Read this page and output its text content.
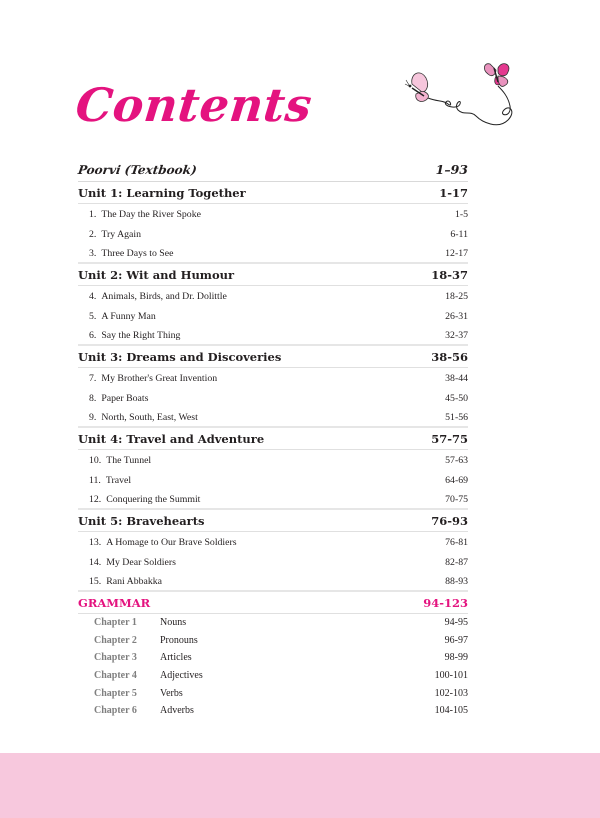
Contents
Poorvi (Textbook)	1–93
Unit 1: Learning Together	1-17
1. The Day the River Spoke	1-5
2. Try Again	6-11
3. Three Days to See	12-17
Unit 2: Wit and Humour	18-37
4. Animals, Birds, and Dr. Dolittle	18-25
5. A Funny Man	26-31
6. Say the Right Thing	32-37
Unit 3: Dreams and Discoveries	38-56
7. My Brother's Great Invention	38-44
8. Paper Boats	45-50
9. North, South, East, West	51-56
Unit 4: Travel and Adventure	57-75
10. The Tunnel	57-63
11. Travel	64-69
12. Conquering the Summit	70-75
Unit 5: Bravehearts	76-93
13. A Homage to Our Brave Soldiers	76-81
14. My Dear Soldiers	82-87
15. Rani Abbakka	88-93
GRAMMAR	94-123
Chapter 1	Nouns	94-95
Chapter 2	Pronouns	96-97
Chapter 3	Articles	98-99
Chapter 4	Adjectives	100-101
Chapter 5	Verbs	102-103
Chapter 6	Adverbs	104-105
